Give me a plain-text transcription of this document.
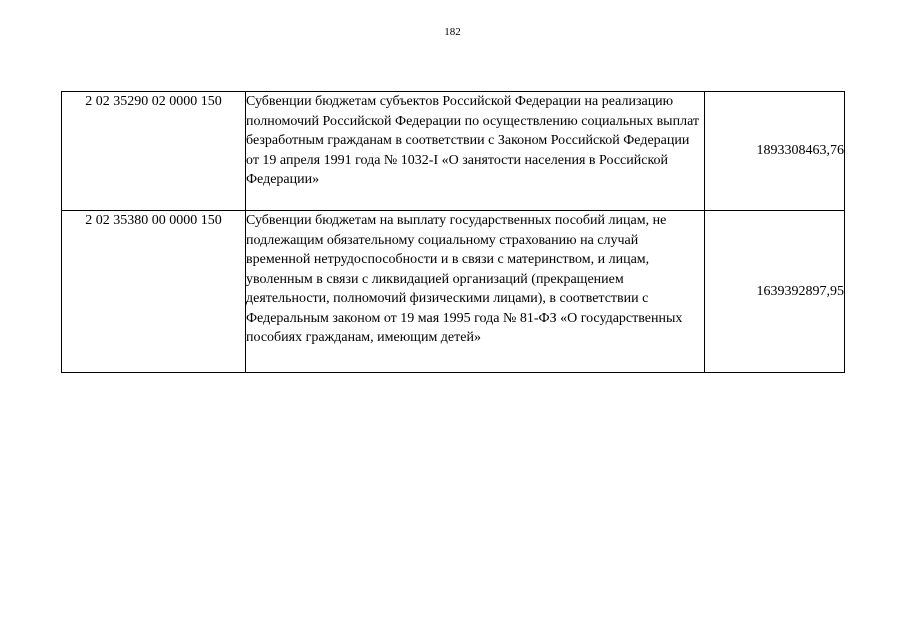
182
2 02 35290 02 0000 150	Субвенции бюджетам субъектов Российской Федерации на реализацию полномочий Российской Федерации по осуществлению социальных выплат безработным гражданам в соответствии с Законом Российской Федерации от 19 апреля 1991 года № 1032-I «О занятости населения в Российской Федерации»	1893308463,76
2 02 35380 00 0000 150	Субвенции бюджетам на выплату государственных пособий лицам, не подлежащим обязательному социальному страхованию на случай временной нетрудоспособности и в связи с материнством, и лицам, уволенным в связи с ликвидацией организаций (прекращением деятельности, полномочий физическими лицами), в соответствии с Федеральным законом от 19 мая 1995 года № 81-ФЗ «О государственных пособиях гражданам, имеющим детей»	1639392897,95
